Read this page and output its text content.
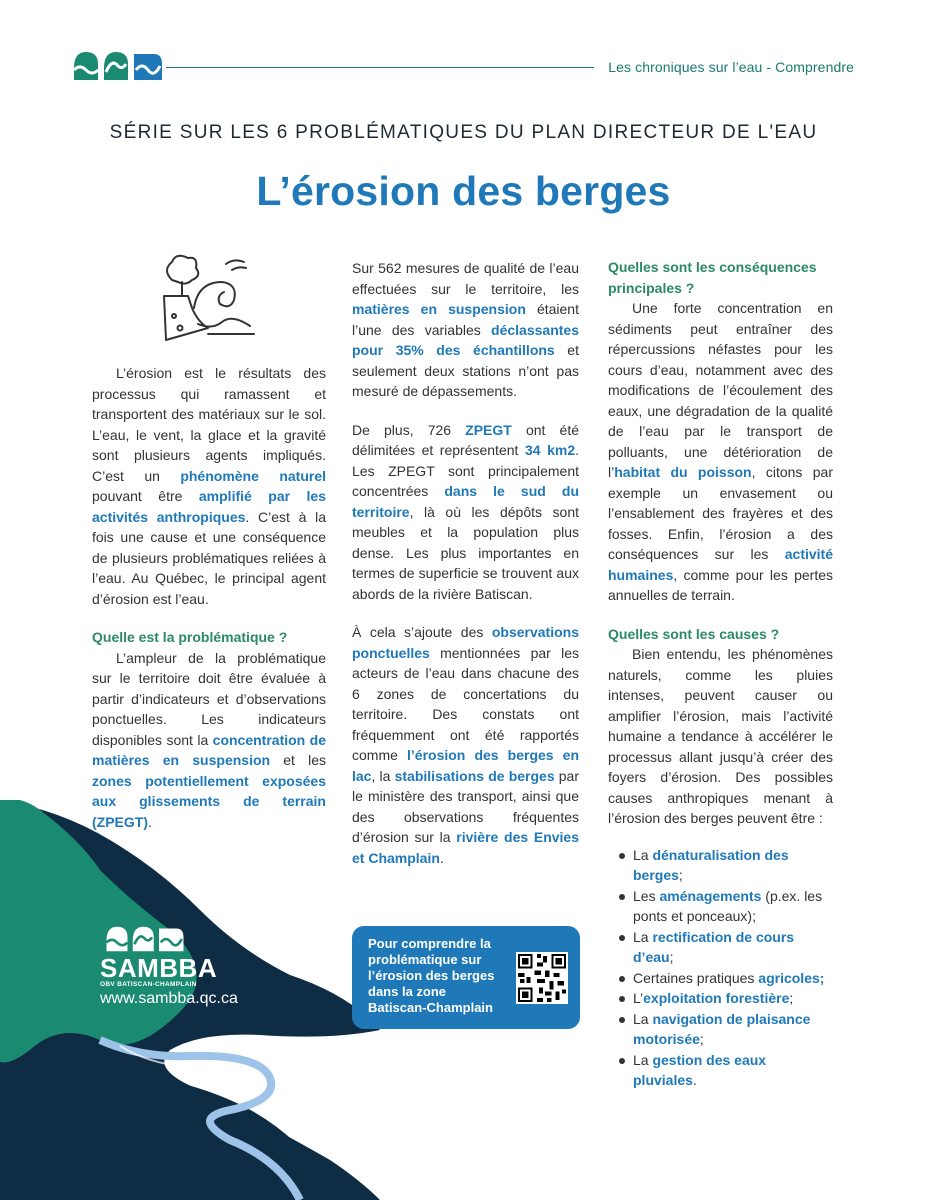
Les chroniques sur l’eau - Comprendre
SÉRIE SUR LES 6 PROBLÉMATIQUES DU PLAN DIRECTEUR DE L'EAU
L’érosion des berges

L’érosion est le résultats des processus qui ramassent et transportent des matériaux sur le sol. L’eau, le vent, la glace et la gravité sont plusieurs agents impliqués. C’est un phénomène naturel pouvant être amplifié par les activités anthropiques. C’est à la fois une cause et une conséquence de plusieurs problématiques reliées à l’eau. Au Québec, le principal agent d’érosion est l’eau.

Quelle est la problématique ?

L’ampleur de la problématique sur le territoire doit être évaluée à partir d’indicateurs et d’observations ponctuelles. Les indicateurs disponibles sont la concentration de matières en suspension et les zones potentiellement exposées aux glissements de terrain (ZPEGT).

Sur 562 mesures de qualité de l’eau effectuées sur le territoire, les matières en suspension étaient l’une des variables déclassantes pour 35% des échantillons et seulement deux stations n’ont pas mesuré de dépassements.

De plus, 726 ZPEGT ont été délimitées et représentent 34 km2. Les ZPEGT sont principalement concentrées dans le sud du territoire, là où les dépôts sont meubles et la population plus dense. Les plus importantes en termes de superficie se trouvent aux abords de la rivière Batiscan.

À cela s’ajoute des observations ponctuelles mentionnées par les acteurs de l’eau dans chacune des 6 zones de concertations du territoire. Des constats ont fréquemment ont été rapportés comme l’érosion des berges en lac, la stabilisations de berges par le ministère des transport, ainsi que des observations fréquentes d’érosion sur la rivière des Envies et Champlain.

Quelles sont les conséquences principales ?

Une forte concentration en sédiments peut entraîner des répercussions néfastes pour les cours d’eau, notamment avec des modifications de l’écoulement des eaux, une dégradation de la qualité de l’eau par le transport de polluants, une détérioration de l’habitat du poisson, citons par exemple un envasement ou l’ensablement des frayères et des fosses. Enfin, l’érosion a des conséquences sur les activité humaines, comme pour les pertes annuelles de terrain.

Quelles sont les causes ?

Bien entendu, les phénomènes naturels, comme les pluies intenses, peuvent causer ou amplifier l’érosion, mais l’activité humaine a tendance à accélérer le processus allant jusqu’à créer des foyers d’érosion. Des possibles causes anthropiques menant à l’érosion des berges peuvent être :

La dénaturalisation des berges;
Les aménagements (p.ex. les ponts et ponceaux);
La rectification de cours d’eau;
Certaines pratiques agricoles;
L’exploitation forestière;
La navigation de plaisance motorisée;
La gestion des eaux pluviales.
SAMBBA
OBV BATISCAN-CHAMPLAIN
www.sambba.qc.ca
Pour comprendre la problématique sur l’érosion des berges dans la zone Batiscan-Champlain
